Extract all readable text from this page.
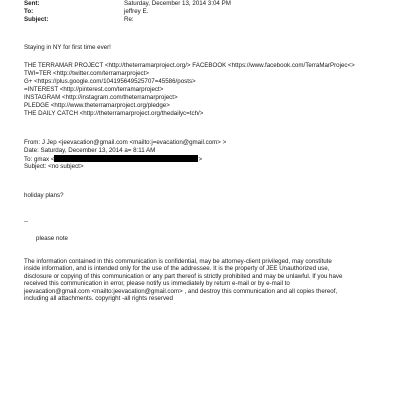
Sent:	Saturday, December 13, 2014 3:04 PM
To:	jeffrey E.
Subject:	Re:
Staying in NY for first time ever!
THE TERRAMAR PROJECT <http://theterramarproject.org/> FACEBOOK <https://www.facebook.com/TerraMarProjec<>
TWI=TER <http://twitter.com/terramarproject>
G+ <https://plus.google.com/104195649525707=45586/posts>
=INTEREST <http://pinterest.com/terramarproject>
INSTAGRAM <http://instagram.com/theterramarproject>
PLEDGE <http://www.theterramarproject.org/pledge>
THE DAILY CATCH <http://theterramarproject.org/thedailyc=tch/>
From: J Jep <jeevacation@gmail.com <mailto:j=evacation@gmail.com> >
Date: Saturday, December 13, 2014 a= 8:11 AM
To: gmax <	>
Subject: <no subject>
holiday plans?
--
please note
The information contained in this communication is confidential, may be attorney-client privileged, may constitute
inside information, and is intended only for the use of the addressee. It is the property of JEE Unauthorized use,
disclosure or copying of this communication or any part thereof is strictly prohibited and may be unlawful. If you have
received this communication in error, please notify us immediately by return e-mail or by e-mail to
jeevacation@gmail.com <mailto:jeevacation@gmail.com> , and destroy this communication and all copies thereof,
including all attachments. copyright -all rights reserved
